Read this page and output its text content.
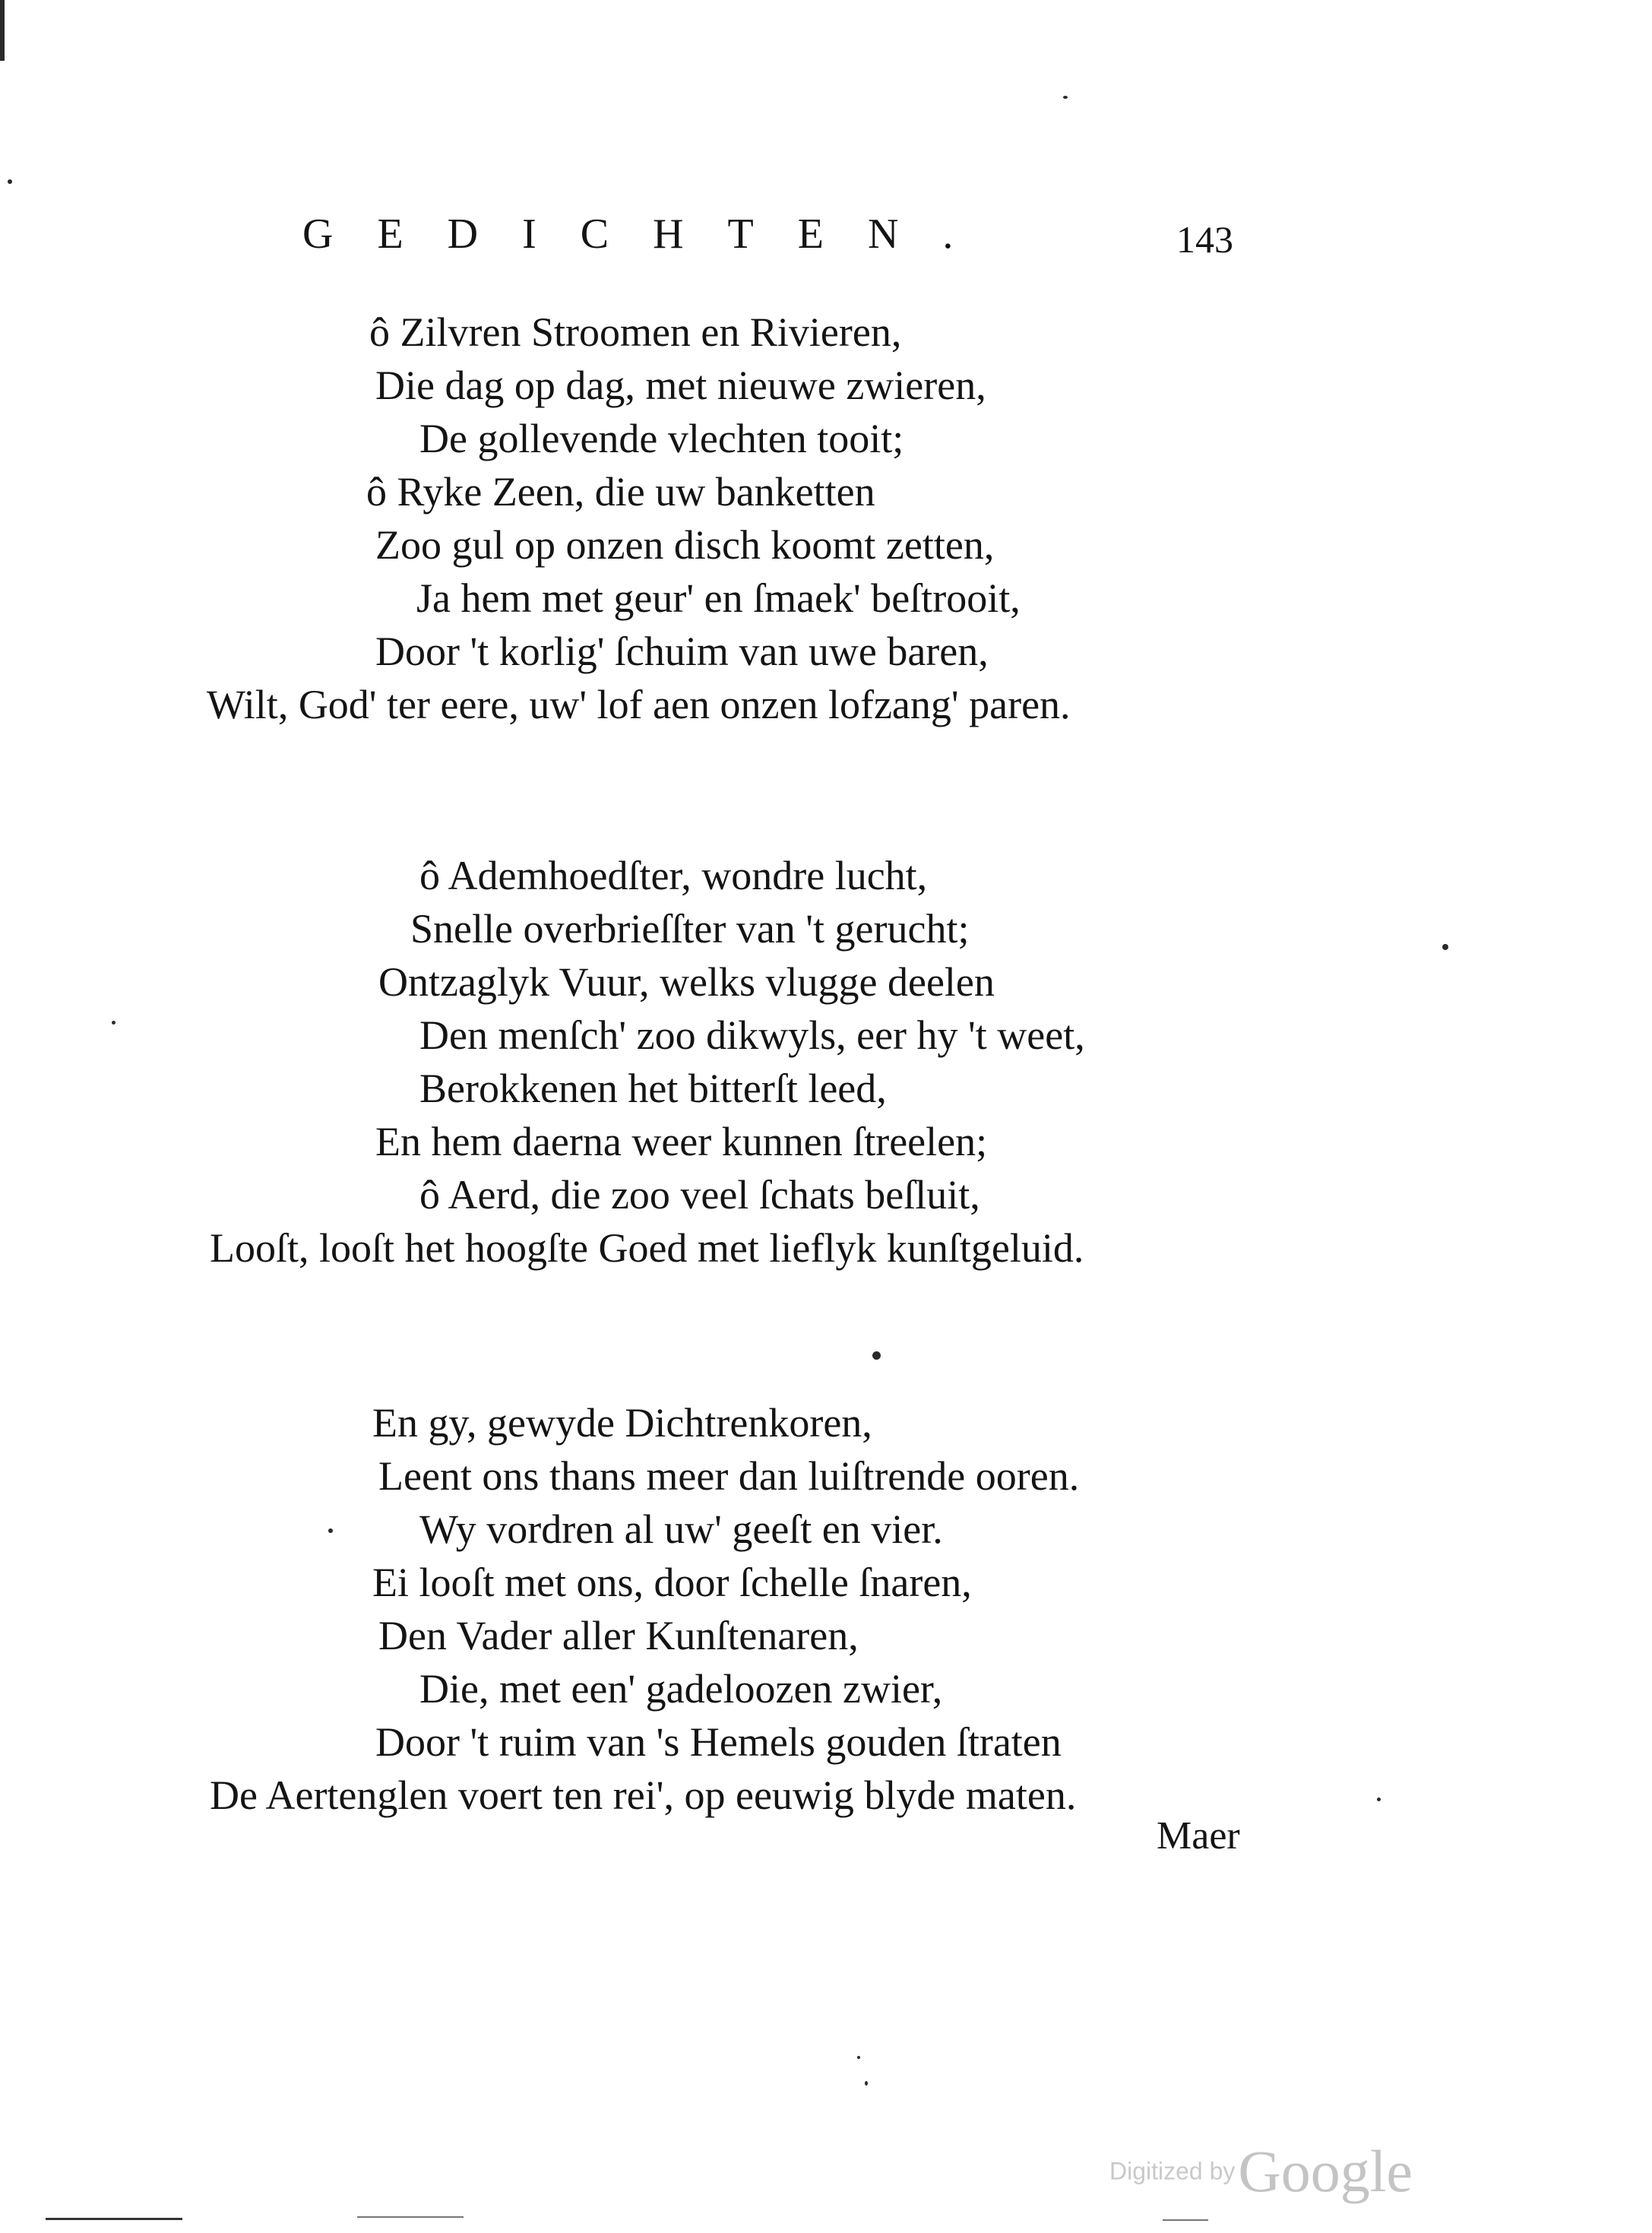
GEDICHTEN.	143
ô Zilvren Stroomen en Rivieren,
Die dag op dag, met nieuwe zwieren,
De gollevende vlechten tooit;
ô Ryke Zeen, die uw banketten
Zoo gul op onzen disch koomt zetten,
Ja hem met geur' en ſmaek' beſtrooit,
Door 't korlig' ſchuim van uwe baren,
Wilt, God' ter eere, uw' lof aen onzen lofzang' paren.
ô Ademhoedſter, wondre lucht,
Snelle overbrieſſter van 't gerucht;
Ontzaglyk Vuur, welks vlugge deelen
Den menſch' zoo dikwyls, eer hy 't weet,
Berokkenen het bitterſt leed,
En hem daerna weer kunnen ſtreelen;
ô Aerd, die zoo veel ſchats beſluit,
Looſt, looſt het hoogſte Goed met lieflyk kunſtgeluid.
En gy, gewyde Dichtrenkoren,
Leent ons thans meer dan luiſtrende ooren.
Wy vordren al uw' geeſt en vier.
Ei looſt met ons, door ſchelle ſnaren,
Den Vader aller Kunſtenaren,
Die, met een' gadeloozen zwier,
Door 't ruim van 's Hemels gouden ſtraten
De Aertenglen voert ten rei', op eeuwig blyde maten.
Maer
Digitized by Google
